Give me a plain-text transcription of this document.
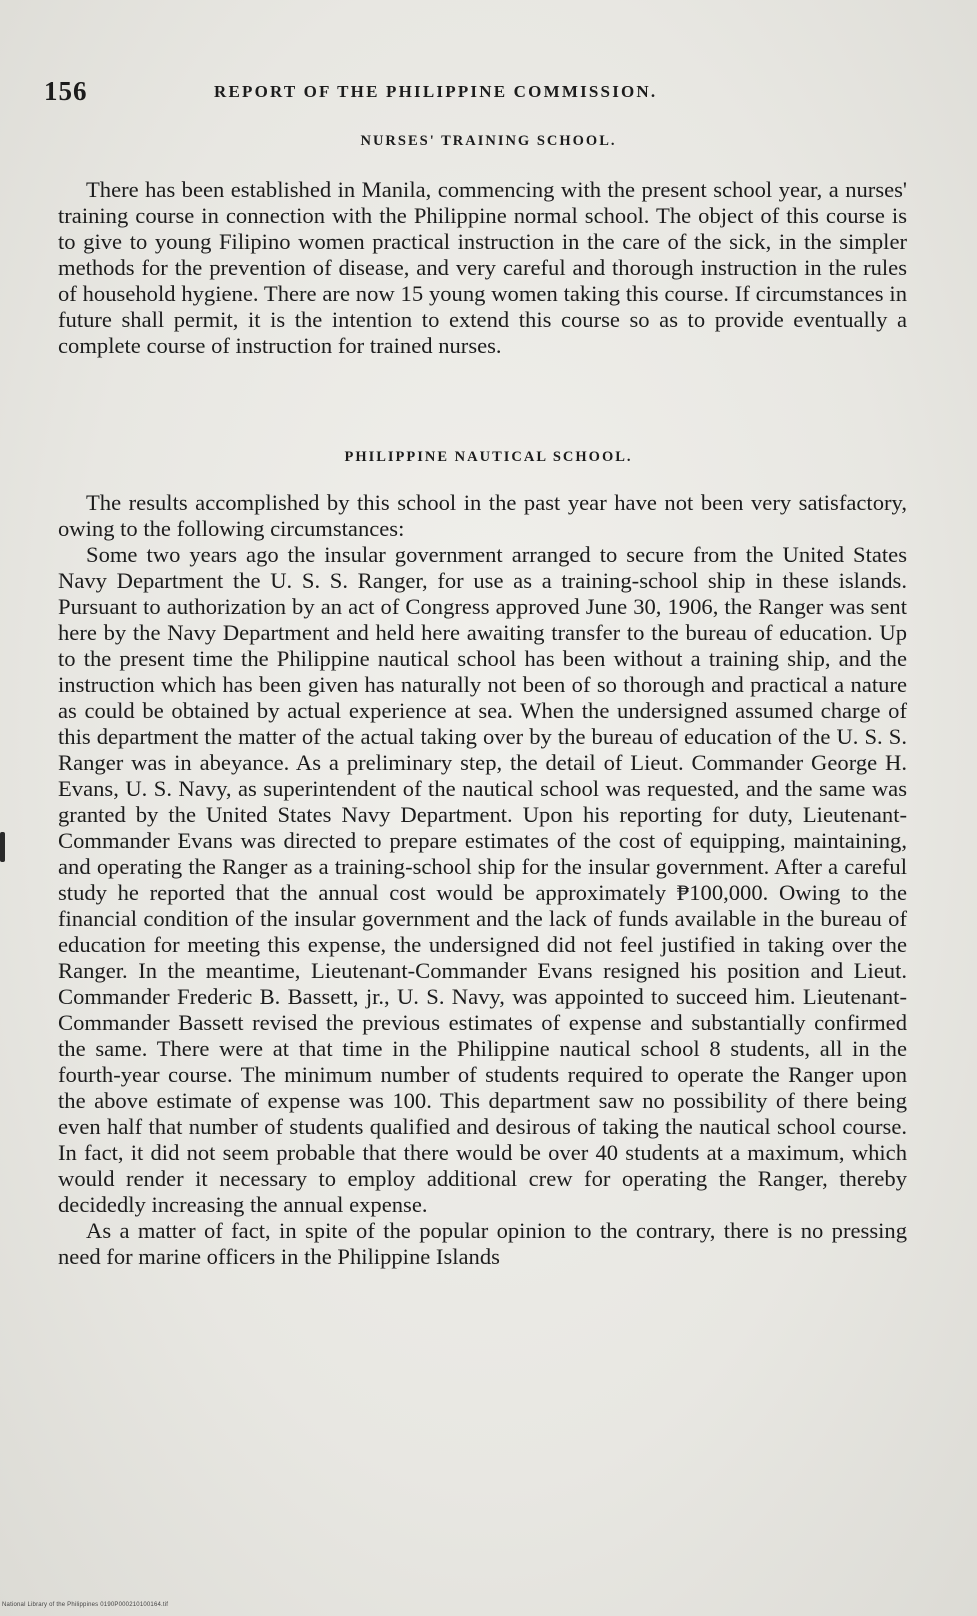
156	REPORT OF THE PHILIPPINE COMMISSION.
NURSES' TRAINING SCHOOL.

There has been established in Manila, commencing with the present school year, a nurses' training course in connection with the Philippine normal school. The object of this course is to give to young Filipino women practical instruction in the care of the sick, in the simpler methods for the prevention of disease, and very careful and thorough instruction in the rules of household hygiene. There are now 15 young women taking this course. If circumstances in future shall permit, it is the intention to extend this course so as to provide eventually a complete course of instruction for trained nurses.

PHILIPPINE NAUTICAL SCHOOL.

The results accomplished by this school in the past year have not been very satisfactory, owing to the following circumstances:

Some two years ago the insular government arranged to secure from the United States Navy Department the U. S. S. Ranger, for use as a training-school ship in these islands. Pursuant to authorization by an act of Congress approved June 30, 1906, the Ranger was sent here by the Navy Department and held here awaiting transfer to the bureau of education. Up to the present time the Philippine nautical school has been without a training ship, and the instruction which has been given has naturally not been of so thorough and practical a nature as could be obtained by actual experience at sea. When the undersigned assumed charge of this department the matter of the actual taking over by the bureau of education of the U. S. S. Ranger was in abeyance. As a preliminary step, the detail of Lieut. Commander George H. Evans, U. S. Navy, as superintendent of the nautical school was requested, and the same was granted by the United States Navy Department. Upon his reporting for duty, Lieutenant-Commander Evans was directed to prepare estimates of the cost of equipping, maintaining, and operating the Ranger as a training-school ship for the insular government. After a careful study he reported that the annual cost would be approximately ₱100,000. Owing to the financial condition of the insular government and the lack of funds available in the bureau of education for meeting this expense, the undersigned did not feel justified in taking over the Ranger. In the meantime, Lieutenant-Commander Evans resigned his position and Lieut. Commander Frederic B. Bassett, jr., U. S. Navy, was appointed to succeed him. Lieutenant-Commander Bassett revised the previous estimates of expense and substantially confirmed the same. There were at that time in the Philippine nautical school 8 students, all in the fourth-year course. The minimum number of students required to operate the Ranger upon the above estimate of expense was 100. This department saw no possibility of there being even half that number of students qualified and desirous of taking the nautical school course. In fact, it did not seem probable that there would be over 40 students at a maximum, which would render it necessary to employ additional crew for operating the Ranger, thereby decidedly increasing the annual expense.

As a matter of fact, in spite of the popular opinion to the contrary, there is no pressing need for marine officers in the Philippine Islands

National Library of the Philippines 0190P000210100164.tif
